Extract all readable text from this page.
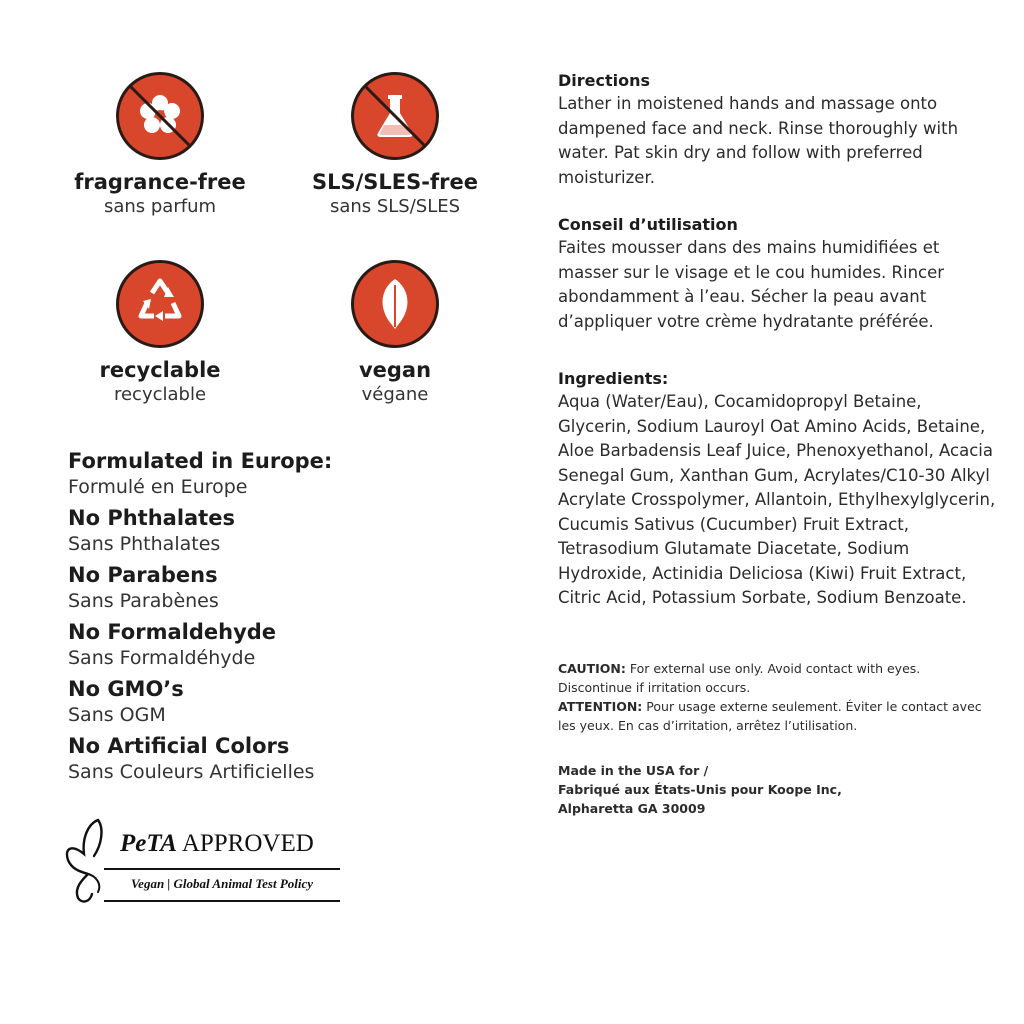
fragrance-free
sans parfum
SLS/SLES-free
sans SLS/SLES
recyclable
recyclable
vegan
végane
Formulated in Europe:
Formulé en Europe
No Phthalates
Sans Phthalates
No Parabens
Sans Parabènes
No Formaldehyde
Sans Formaldéhyde
No GMO’s
Sans OGM
No Artificial Colors
Sans Couleurs Artificielles
PeTA APPROVED
Vegan | Global Animal Test Policy
Directions
Lather in moistened hands and massage onto dampened face and neck. Rinse thoroughly with water. Pat skin dry and follow with preferred moisturizer.
Conseil d’utilisation
Faites mousser dans des mains humidifiées et masser sur le visage et le cou humides. Rincer abondamment à l’eau. Sécher la peau avant d’appliquer votre crème hydratante préférée.
Ingredients:
Aqua (Water/Eau), Cocamidopropyl Betaine, Glycerin, Sodium Lauroyl Oat Amino Acids, Betaine, Aloe Barbadensis Leaf Juice, Phenoxyethanol, Acacia Senegal Gum, Xanthan Gum, Acrylates/C10-30 Alkyl Acrylate Crosspolymer, Allantoin, Ethylhexylglycerin, Cucumis Sativus (Cucumber) Fruit Extract, Tetrasodium Glutamate Diacetate, Sodium Hydroxide, Actinidia Deliciosa (Kiwi) Fruit Extract, Citric Acid, Potassium Sorbate, Sodium Benzoate.
CAUTION: For external use only. Avoid contact with eyes. Discontinue if irritation occurs.
ATTENTION: Pour usage externe seulement. Éviter le contact avec les yeux. En cas d’irritation, arrêtez l’utilisation.
Made in the USA for /
Fabriqué aux États-Unis pour Koope Inc,
Alpharetta GA 30009
